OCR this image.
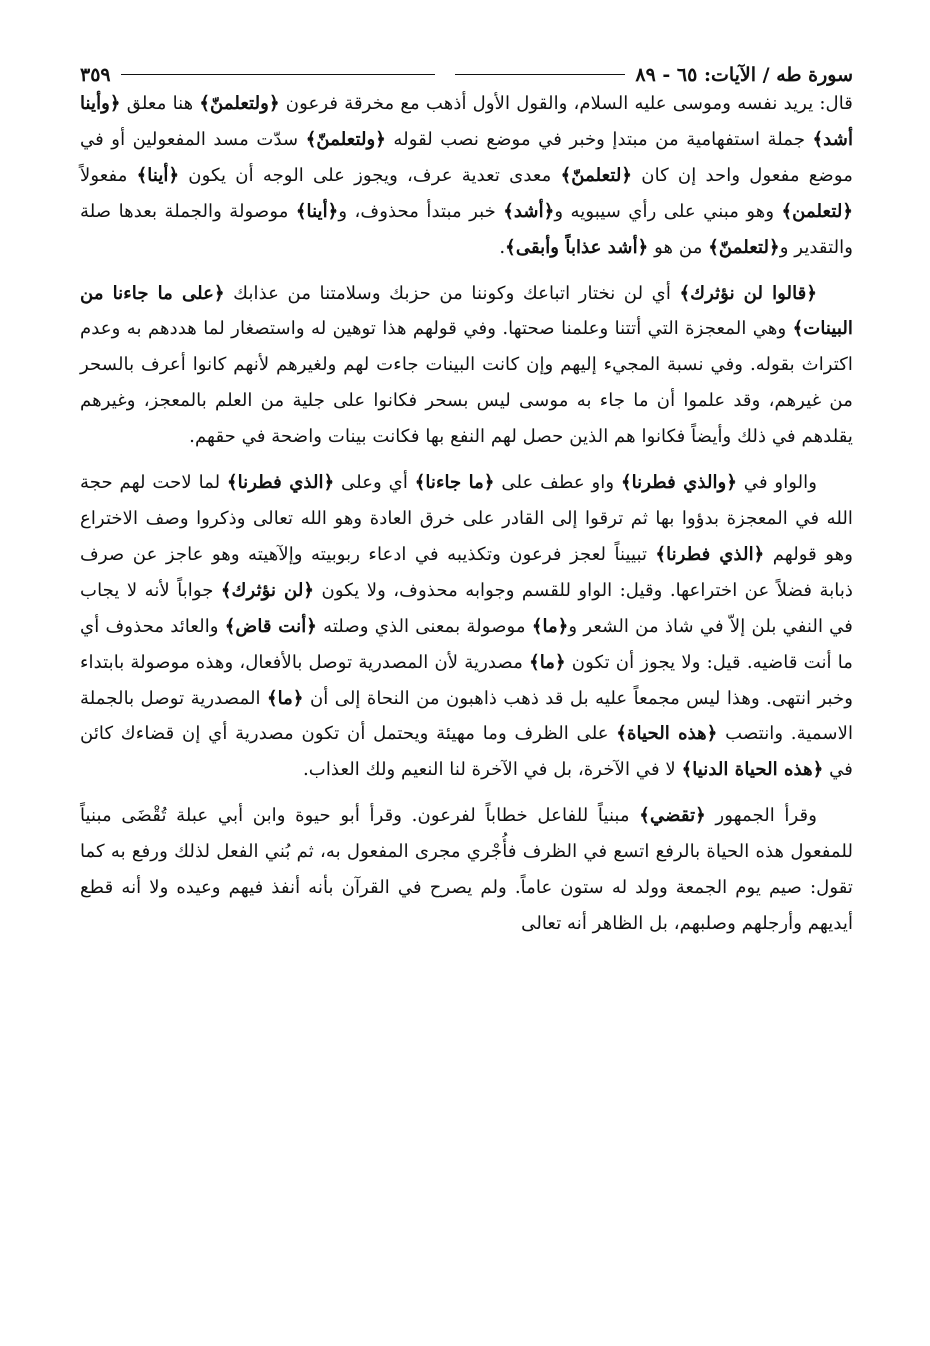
سورة طه / الآيات: ٦٥ - ٨٩
٣٥٩

قال: يريد نفسه وموسى عليه السلام، والقول الأول أذهب مع مخرقة فرعون ﴿ولتعلمنّ﴾ هنا معلق ﴿وأينا أشد﴾ جملة استفهامية من مبتدإ وخبر في موضع نصب لقوله ﴿ولتعلمنّ﴾ سدّت مسد المفعولين أو في موضع مفعول واحد إن كان ﴿لتعلمنّ﴾ معدى تعدية عرف، ويجوز على الوجه أن يكون ﴿أينا﴾ مفعولاً ﴿لتعلمن﴾ وهو مبني على رأي سيبويه و﴿أشد﴾ خبر مبتدأ محذوف، و﴿أينا﴾ موصولة والجملة بعدها صلة والتقدير و﴿لتعلمنّ﴾ من هو ﴿أشد عذاباً وأبقى﴾.

﴿قالوا لن نؤثرك﴾ أي لن نختار اتباعك وكوننا من حزبك وسلامتنا من عذابك ﴿على ما جاءنا من البينات﴾ وهي المعجزة التي أتتنا وعلمنا صحتها. وفي قولهم هذا توهين له واستصغار لما هددهم به وعدم اكتراث بقوله. وفي نسبة المجيء إليهم وإن كانت البينات جاءت لهم ولغيرهم لأنهم كانوا أعرف بالسحر من غيرهم، وقد علموا أن ما جاء به موسى ليس بسحر فكانوا على جلية من العلم بالمعجز، وغيرهم يقلدهم في ذلك وأيضاً فكانوا هم الذين حصل لهم النفع بها فكانت بينات واضحة في حقهم.

والواو في ﴿والذي فطرنا﴾ واو عطف على ﴿ما جاءنا﴾ أي وعلى ﴿الذي فطرنا﴾ لما لاحت لهم حجة الله في المعجزة بدؤوا بها ثم ترقوا إلى القادر على خرق العادة وهو الله تعالى وذكروا وصف الاختراع وهو قولهم ﴿الذي فطرنا﴾ تبييناً لعجز فرعون وتكذيبه في ادعاء ربوبيته وإلآهيته وهو عاجز عن صرف ذبابة فضلاً عن اختراعها. وقيل: الواو للقسم وجوابه محذوف، ولا يكون ﴿لن نؤثرك﴾ جواباً لأنه لا يجاب في النفي بلن إلاّ في شاذ من الشعر و﴿ما﴾ موصولة بمعنى الذي وصلته ﴿أنت قاض﴾ والعائد محذوف أي ما أنت قاضيه. قيل: ولا يجوز أن تكون ﴿ما﴾ مصدرية لأن المصدرية توصل بالأفعال، وهذه موصولة بابتداء وخبر انتهى. وهذا ليس مجمعاً عليه بل قد ذهب ذاهبون من النحاة إلى أن ﴿ما﴾ المصدرية توصل بالجملة الاسمية. وانتصب ﴿هذه الحياة﴾ على الظرف وما مهيئة ويحتمل أن تكون مصدرية أي إن قضاءك كائن في ﴿هذه الحياة الدنيا﴾ لا في الآخرة، بل في الآخرة لنا النعيم ولك العذاب.

وقرأ الجمهور ﴿تقضي﴾ مبنياً للفاعل خطاباً لفرعون. وقرأ أبو حيوة وابن أبي عبلة تُقْضَى مبنياً للمفعول هذه الحياة بالرفع اتسع في الظرف فأُجْري مجرى المفعول به، ثم بُني الفعل لذلك ورفع به كما تقول: صيم يوم الجمعة وولد له ستون عاماً. ولم يصرح في القرآن بأنه أنفذ فيهم وعيده ولا أنه قطع أيديهم وأرجلهم وصلبهم، بل الظاهر أنه تعالى
